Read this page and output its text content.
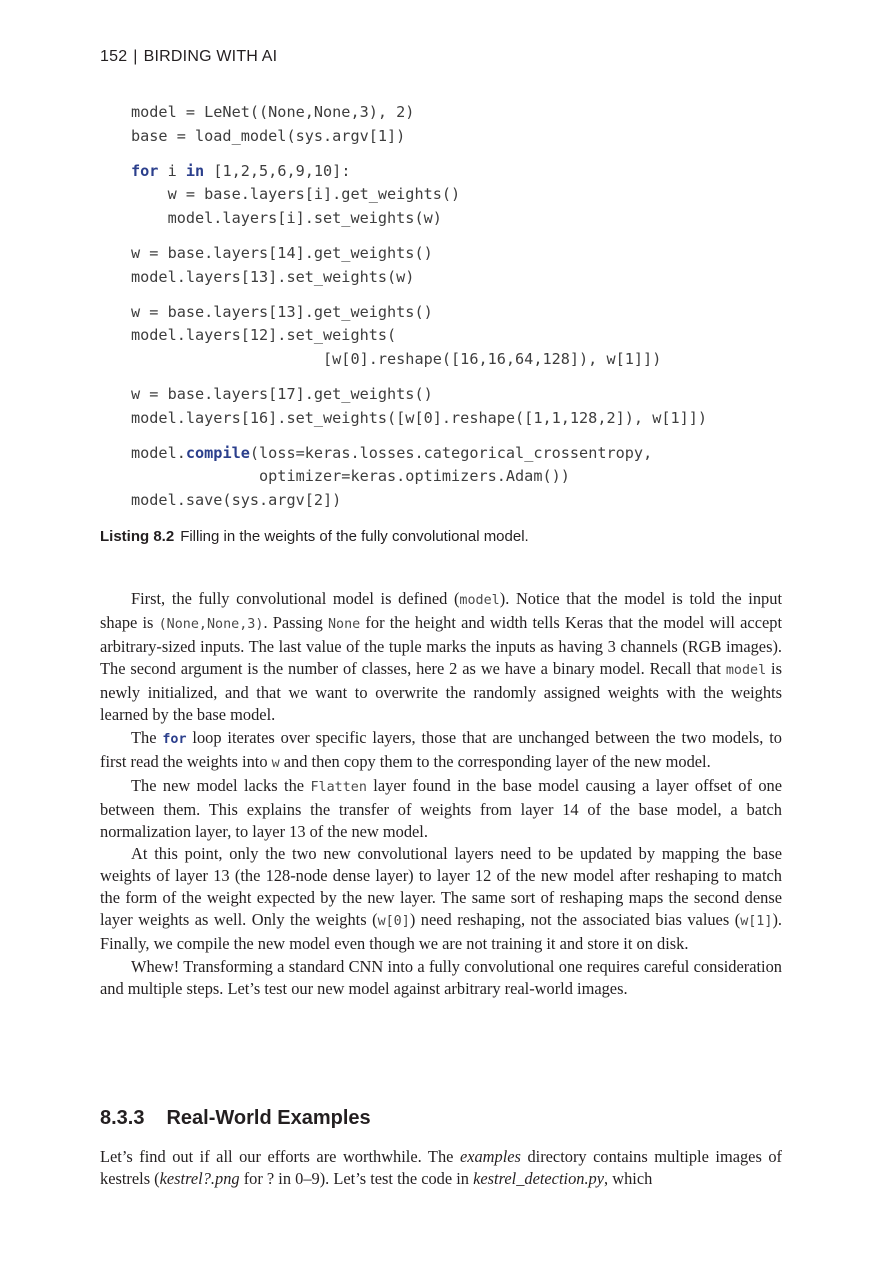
152 | BIRDING WITH AI
model = LeNet((None,None,3), 2)
base = load_model(sys.argv[1])
for i in [1,2,5,6,9,10]:
w = base.layers[i].get_weights()
model.layers[i].set_weights(w)
w = base.layers[14].get_weights()
model.layers[13].set_weights(w)
w = base.layers[13].get_weights()
model.layers[12].set_weights(
[w[0].reshape([16,16,64,128]), w[1]])
w = base.layers[17].get_weights()
model.layers[16].set_weights([w[0].reshape([1,1,128,2]), w[1]])
model.compile(loss=keras.losses.categorical_crossentropy,
optimizer=keras.optimizers.Adam())
model.save(sys.argv[2])
Listing 8.2 Filling in the weights of the fully convolutional model.

First, the fully convolutional model is defined (model). Notice that the model is told the input shape is (None,None,3). Passing None for the height and width tells Keras that the model will accept arbitrary-sized inputs. The last value of the tuple marks the inputs as having 3 channels (RGB images). The second argument is the number of classes, here 2 as we have a binary model. Recall that model is newly initialized, and that we want to overwrite the randomly assigned weights with the weights learned by the base model.

The for loop iterates over specific layers, those that are unchanged between the two models, to first read the weights into w and then copy them to the corresponding layer of the new model.

The new model lacks the Flatten layer found in the base model causing a layer offset of one between them. This explains the transfer of weights from layer 14 of the base model, a batch normalization layer, to layer 13 of the new model.

At this point, only the two new convolutional layers need to be updated by mapping the base weights of layer 13 (the 128-node dense layer) to layer 12 of the new model after reshaping to match the form of the weight expected by the new layer. The same sort of reshaping maps the second dense layer weights as well. Only the weights (w[0]) need reshaping, not the associated bias values (w[1]). Finally, we compile the new model even though we are not training it and store it on disk.

Whew! Transforming a standard CNN into a fully convolutional one requires careful consideration and multiple steps. Let’s test our new model against arbitrary real-world images.

8.3.3 Real-World Examples

Let’s find out if all our efforts are worthwhile. The examples directory contains multiple images of kestrels (kestrel?.png for ? in 0–9). Let’s test the code in kestrel_detection.py, which
